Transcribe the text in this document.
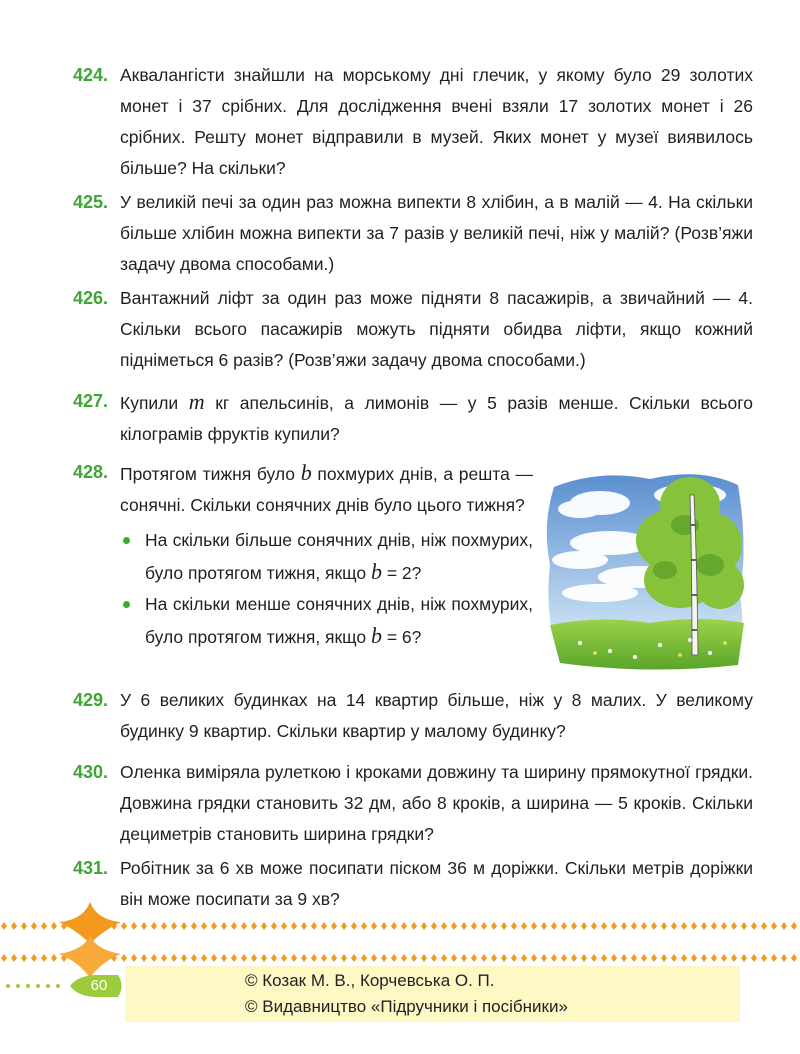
424. Аквалангісти знайшли на морському дні глечик, у якому було 29 золотих монет і 37 срібних. Для дослідження вчені взяли 17 золотих монет і 26 срібних. Решту монет відправили в музей. Яких монет у музеї виявилось більше? На скільки?
425. У великій печі за один раз можна випекти 8 хлібин, а в малій — 4. На скільки більше хлібин можна випекти за 7 разів у великій печі, ніж у малій? (Розв’яжи задачу двома способами.)
426. Вантажний ліфт за один раз може підняти 8 пасажирів, а звичайний — 4. Скільки всього пасажирів можуть підняти обидва ліфти, якщо кожний підніметься 6 разів? (Розв’яжи задачу двома способами.)
427. Купили m кг апельсинів, а лимонів — у 5 разів менше. Скільки всього кілограмів фруктів купили?
428. Протягом тижня було b похмурих днів, а решта — сонячні. Скільки сонячних днів було цього тижня?
На скільки більше сонячних днів, ніж похмурих, було протягом тижня, якщо b = 2?
На скільки менше сонячних днів, ніж похмурих, було протягом тижня, якщо b = 6?
429. У 6 великих будинках на 14 квартир більше, ніж у 8 малих. У великому будинку 9 квартир. Скільки квартир у малому будинку?
430. Оленка виміряла рулеткою і кроками довжину та ширину прямокутної грядки. Довжина грядки становить 32 дм, або 8 кроків, а ширина — 5 кроків. Скільки дециметрів становить ширина грядки?
431. Робітник за 6 хв може посипати піском 36 м доріжки. Скільки метрів доріжки він може посипати за 9 хв?
60	© Козак М. В., Корчевська О. П.
© Видавництво «Підручники і посібники»
